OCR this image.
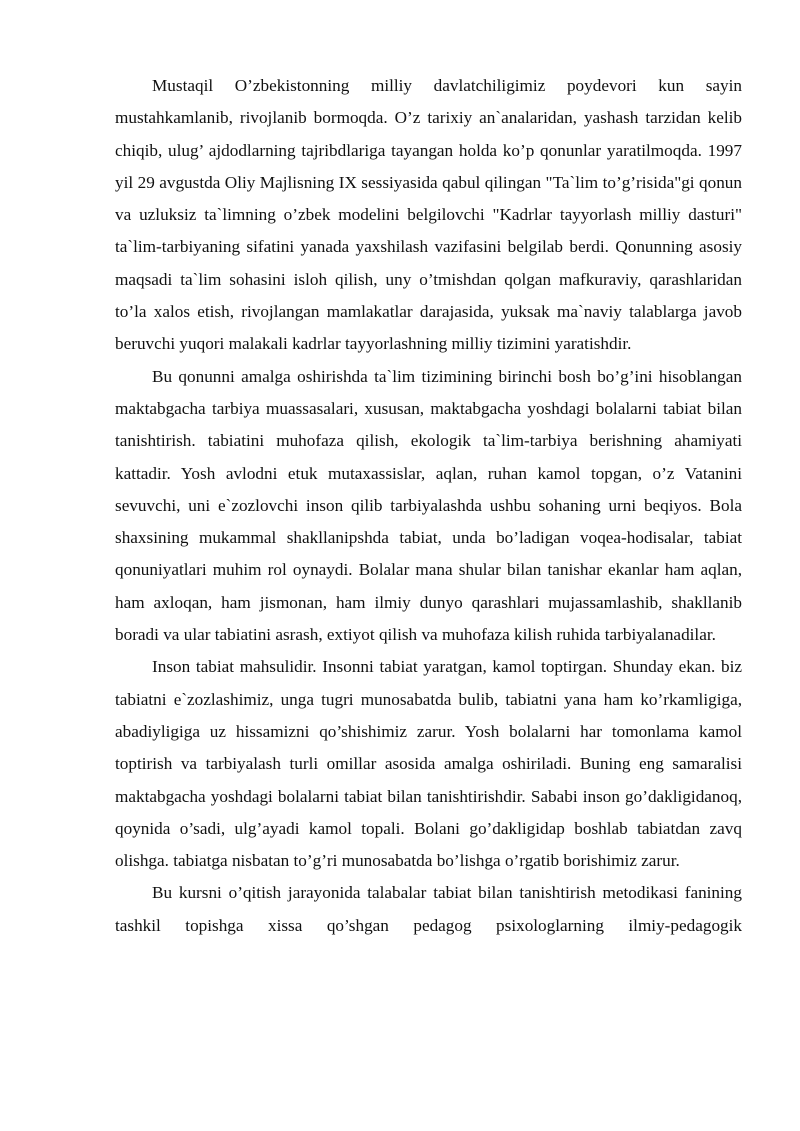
Mustaqil O’zbekistonning milliy davlatchiligimiz poydevori kun sayin mustahkamlanib, rivojlanib bormoqda. O’z tarixiy an`analaridan, yashash tarzidan kelib chiqib, ulug’ ajdodlarning tajribdlariga tayangan holda ko’p qonunlar yaratilmoqda. 1997 yil 29 avgustda Oliy Majlisning IX sessiyasida qabul qilingan "Ta`lim to’g’risida"gi qonun va uzluksiz ta`limning o’zbek modelini belgilovchi "Kadrlar tayyorlash milliy dasturi" ta`lim-tarbiyaning sifatini yanada yaxshilash vazifasini belgilab berdi. Qonunning asosiy maqsadi ta`lim sohasini isloh qilish, uny o’tmishdan qolgan mafkuraviy, qarashlaridan to’la xalos etish, rivojlangan mamlakatlar darajasida, yuksak ma`naviy talablarga javob beruvchi yuqori malakali kadrlar tayyorlashning milliy tizimini yaratishdir.

Bu qonunni amalga oshirishda ta`lim tizimining birinchi bosh bo’g’ini hisoblangan maktabgacha tarbiya muassasalari, xususan, maktabgacha yoshdagi bolalarni tabiat bilan tanishtirish. tabiatini muhofaza qilish, ekologik ta`lim-tarbiya berishning ahamiyati kattadir. Yosh avlodni etuk mutaxassislar, aqlan, ruhan kamol topgan, o’z Vatanini sevuvchi, uni e`zozlovchi inson qilib tarbiyalashda ushbu sohaning urni beqiyos. Bola shaxsining mukammal shakllanipshda tabiat, unda bo’ladigan voqea-hodisalar, tabiat qonuniyatlari muhim rol oynaydi. Bolalar mana shular bilan tanishar ekanlar ham aqlan, ham axloqan, ham jismonan, ham ilmiy dunyo qarashlari mujassamlashib, shakllanib boradi va ular tabiatini asrash, extiyot qilish va muhofaza kilish ruhida tarbiyalanadilar.

Inson tabiat mahsulidir. Insonni tabiat yaratgan, kamol toptirgan. Shunday ekan. biz tabiatni e`zozlashimiz, unga tugri munosabatda bulib, tabiatni yana ham ko’rkamligiga, abadiyligiga uz hissamizni qo’shishimiz zarur. Yosh bolalarni har tomonlama kamol toptirish va tarbiyalash turli omillar asosida amalga oshiriladi. Buning eng samaralisi maktabgacha yoshdagi bolalarni tabiat bilan tanishtirishdir. Sababi inson go’dakligidanoq, qoynida o’sadi, ulg’ayadi kamol topali. Bolani go’dakligidap boshlab tabiatdan zavq olishga. tabiatga nisbatan to’g’ri munosabatda bo’lishga o’rgatib borishimiz zarur.

Bu kursni o’qitish jarayonida talabalar tabiat bilan tanishtirish metodikasi fanining tashkil topishga xissa qo’shgan pedagog psixologlarning ilmiy-pedagogik
